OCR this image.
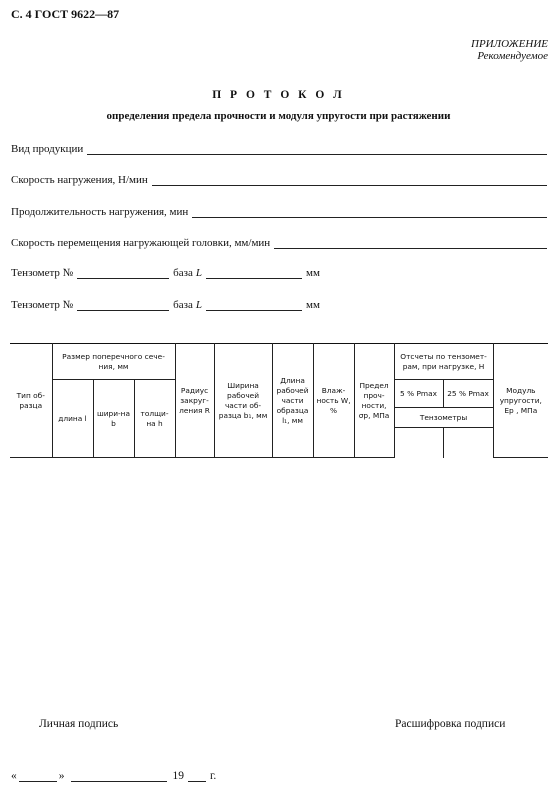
С. 4 ГОСТ 9622—87
ПРИЛОЖЕНИЕ
Рекомендуемое
П Р О Т О К О Л
определения предела прочности и модуля упругости при растяжении
Вид продукции
Скорость нагружения, Н/мин
Продолжительность нагружения, мин
Скорость перемещения нагружающей головки, мм/мин
Тензометр №	база L	мм
Тензометр №	база L	мм
Тип об-разца	Размер поперечного сече-ния, мм			Радиус закруг-ления R	Ширина рабочей части об-разца b₁, мм	Длина рабочей части образца l₁, мм	Влаж-ность W, %	Предел проч-ности, σр, МПа	Отсчеты по тензомет-рам, при нагрузке, Н		Модуль упругости, Eр , МПа
	длина l	шири-на b	толщи-на h						5 % Pmax	25 % Pmax	
									Тензометры		

Личная подпись	Расшифровка подписи
«	»	19 г.
